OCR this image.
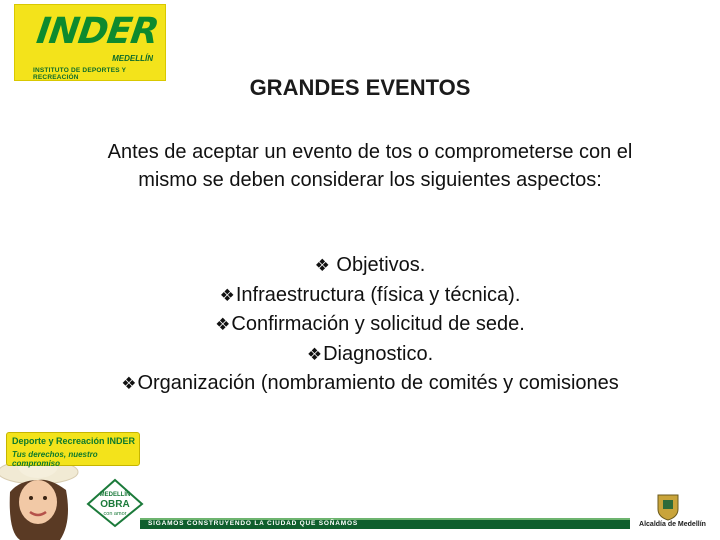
INDER
MEDELLÍN
INSTITUTO DE DEPORTES Y RECREACIÓN	GRANDES EVENTOS
Antes de aceptar un evento de tos o comprometerse con el mismo se deben considerar los siguientes aspectos:
❖ Objetivos.
❖Infraestructura (física y técnica).
❖Confirmación y solicitud de sede.
❖Diagnostico.
❖Organización (nombramiento de comités y comisiones
Deporte y Recreación INDER
Tus derechos, nuestro compromiso
MEDELLÍN
OBRA
con amor
SIGAMOS CONSTRUYENDO LA CIUDAD QUE SOÑAMOS	Alcaldía de Medellín
